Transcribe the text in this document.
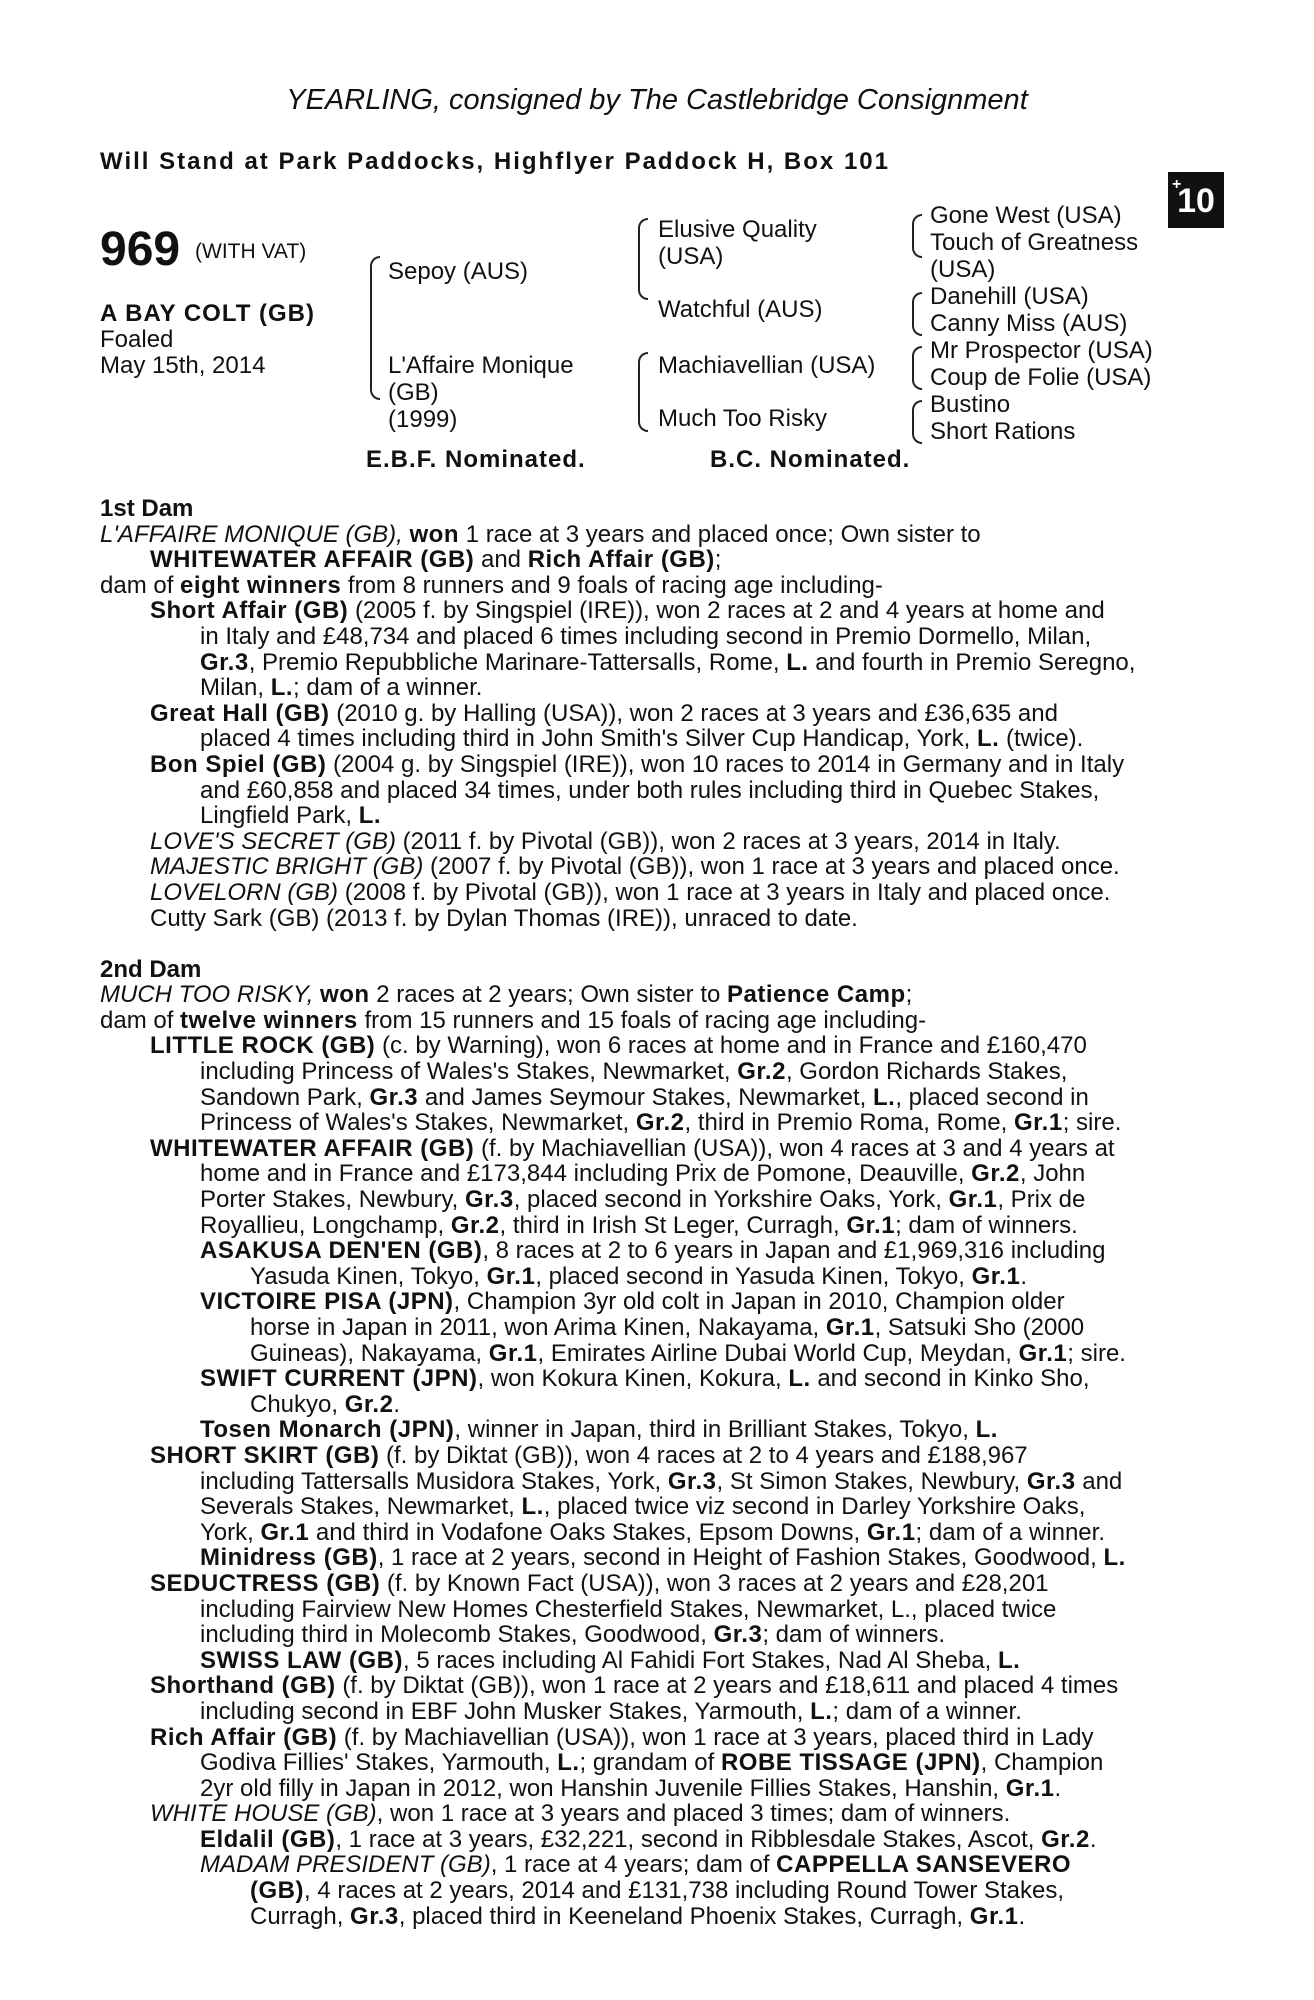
YEARLING, consigned by The Castlebridge Consignment
Will Stand at Park Paddocks, Highflyer Paddock H, Box 101
+
10
969 (WITH VAT)
A BAY COLT (GB)
Foaled
May 15th, 2014
Sepoy (AUS)
L'Affaire Monique
(GB)
(1999)
Elusive Quality
(USA)
Watchful (AUS)
Machiavellian (USA)
Much Too Risky
Gone West (USA)
Touch of Greatness
(USA)
Danehill (USA)
Canny Miss (AUS)
Mr Prospector (USA)
Coup de Folie (USA)
Bustino
Short Rations
E.B.F. Nominated.	B.C. Nominated.
1st Dam
L'AFFAIRE MONIQUE (GB), won 1 race at 3 years and placed once; Own sister to
WHITEWATER AFFAIR (GB) and Rich Affair (GB);
dam of eight winners from 8 runners and 9 foals of racing age including-
Short Affair (GB) (2005 f. by Singspiel (IRE)), won 2 races at 2 and 4 years at home and
in Italy and £48,734 and placed 6 times including second in Premio Dormello, Milan,
Gr.3, Premio Repubbliche Marinare-Tattersalls, Rome, L. and fourth in Premio Seregno,
Milan, L.; dam of a winner.
Great Hall (GB) (2010 g. by Halling (USA)), won 2 races at 3 years and £36,635 and
placed 4 times including third in John Smith's Silver Cup Handicap, York, L. (twice).
Bon Spiel (GB) (2004 g. by Singspiel (IRE)), won 10 races to 2014 in Germany and in Italy
and £60,858 and placed 34 times, under both rules including third in Quebec Stakes,
Lingfield Park, L.
LOVE'S SECRET (GB) (2011 f. by Pivotal (GB)), won 2 races at 3 years, 2014 in Italy.
MAJESTIC BRIGHT (GB) (2007 f. by Pivotal (GB)), won 1 race at 3 years and placed once.
LOVELORN (GB) (2008 f. by Pivotal (GB)), won 1 race at 3 years in Italy and placed once.
Cutty Sark (GB) (2013 f. by Dylan Thomas (IRE)), unraced to date.
2nd Dam
MUCH TOO RISKY, won 2 races at 2 years; Own sister to Patience Camp;
dam of twelve winners from 15 runners and 15 foals of racing age including-
LITTLE ROCK (GB) (c. by Warning), won 6 races at home and in France and £160,470
including Princess of Wales's Stakes, Newmarket, Gr.2, Gordon Richards Stakes,
Sandown Park, Gr.3 and James Seymour Stakes, Newmarket, L., placed second in
Princess of Wales's Stakes, Newmarket, Gr.2, third in Premio Roma, Rome, Gr.1; sire.
WHITEWATER AFFAIR (GB) (f. by Machiavellian (USA)), won 4 races at 3 and 4 years at
home and in France and £173,844 including Prix de Pomone, Deauville, Gr.2, John
Porter Stakes, Newbury, Gr.3, placed second in Yorkshire Oaks, York, Gr.1, Prix de
Royallieu, Longchamp, Gr.2, third in Irish St Leger, Curragh, Gr.1; dam of winners.
ASAKUSA DEN'EN (GB), 8 races at 2 to 6 years in Japan and £1,969,316 including
Yasuda Kinen, Tokyo, Gr.1, placed second in Yasuda Kinen, Tokyo, Gr.1.
VICTOIRE PISA (JPN), Champion 3yr old colt in Japan in 2010, Champion older
horse in Japan in 2011, won Arima Kinen, Nakayama, Gr.1, Satsuki Sho (2000
Guineas), Nakayama, Gr.1, Emirates Airline Dubai World Cup, Meydan, Gr.1; sire.
SWIFT CURRENT (JPN), won Kokura Kinen, Kokura, L. and second in Kinko Sho,
Chukyo, Gr.2.
Tosen Monarch (JPN), winner in Japan, third in Brilliant Stakes, Tokyo, L.
SHORT SKIRT (GB) (f. by Diktat (GB)), won 4 races at 2 to 4 years and £188,967
including Tattersalls Musidora Stakes, York, Gr.3, St Simon Stakes, Newbury, Gr.3 and
Severals Stakes, Newmarket, L., placed twice viz second in Darley Yorkshire Oaks,
York, Gr.1 and third in Vodafone Oaks Stakes, Epsom Downs, Gr.1; dam of a winner.
Minidress (GB), 1 race at 2 years, second in Height of Fashion Stakes, Goodwood, L.
SEDUCTRESS (GB) (f. by Known Fact (USA)), won 3 races at 2 years and £28,201
including Fairview New Homes Chesterfield Stakes, Newmarket, L., placed twice
including third in Molecomb Stakes, Goodwood, Gr.3; dam of winners.
SWISS LAW (GB), 5 races including Al Fahidi Fort Stakes, Nad Al Sheba, L.
Shorthand (GB) (f. by Diktat (GB)), won 1 race at 2 years and £18,611 and placed 4 times
including second in EBF John Musker Stakes, Yarmouth, L.; dam of a winner.
Rich Affair (GB) (f. by Machiavellian (USA)), won 1 race at 3 years, placed third in Lady
Godiva Fillies' Stakes, Yarmouth, L.; grandam of ROBE TISSAGE (JPN), Champion
2yr old filly in Japan in 2012, won Hanshin Juvenile Fillies Stakes, Hanshin, Gr.1.
WHITE HOUSE (GB), won 1 race at 3 years and placed 3 times; dam of winners.
Eldalil (GB), 1 race at 3 years, £32,221, second in Ribblesdale Stakes, Ascot, Gr.2.
MADAM PRESIDENT (GB), 1 race at 4 years; dam of CAPPELLA SANSEVERO
(GB), 4 races at 2 years, 2014 and £131,738 including Round Tower Stakes,
Curragh, Gr.3, placed third in Keeneland Phoenix Stakes, Curragh, Gr.1.
